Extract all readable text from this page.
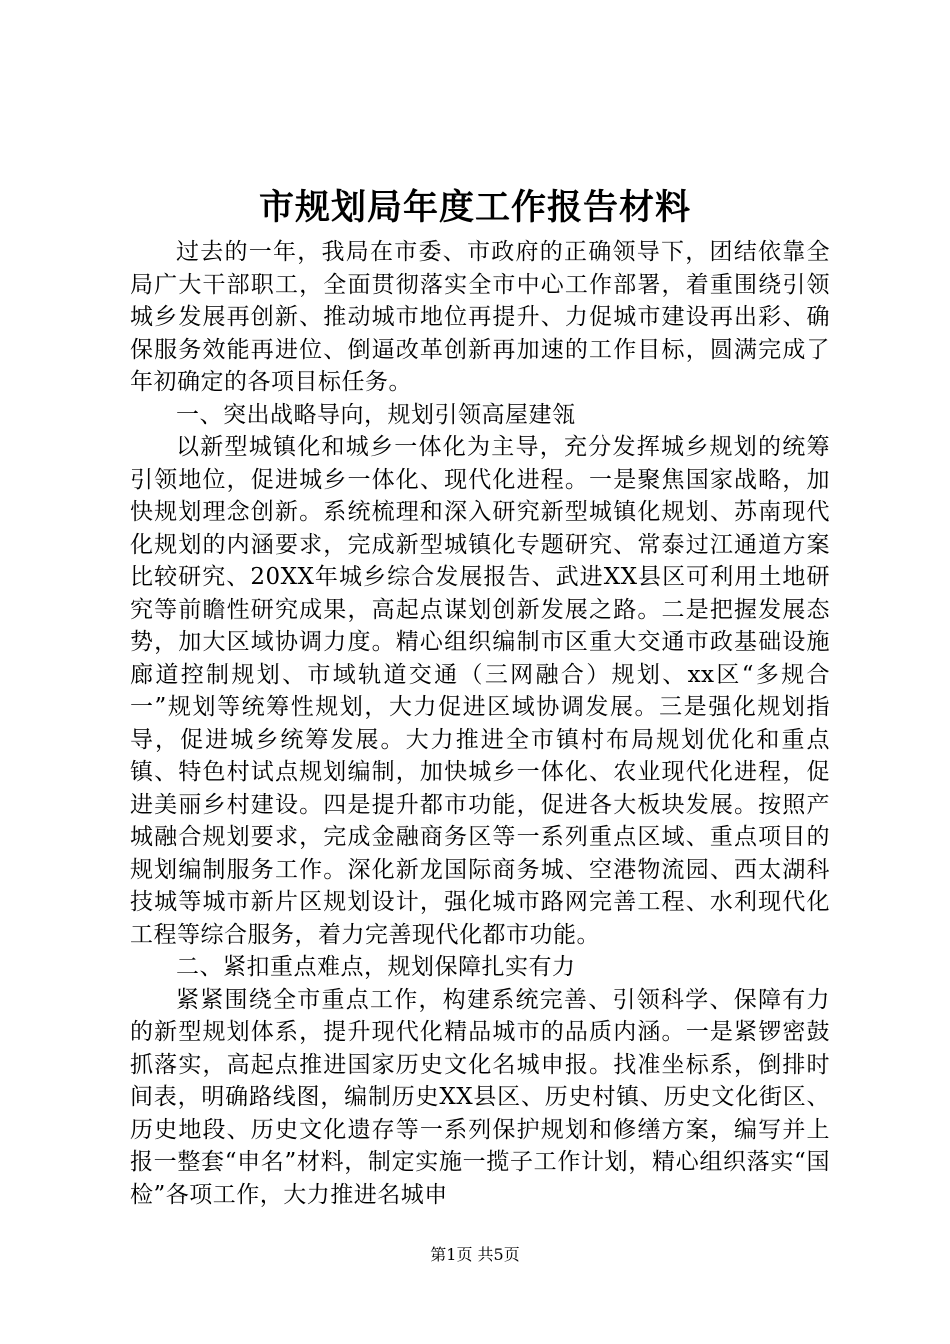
市规划局年度工作报告材料

过去的一年，我局在市委、市政府的正确领导下，团结依靠全局广大干部职工，全面贯彻落实全市中心工作部署，着重围绕引领城乡发展再创新、推动城市地位再提升、力促城市建设再出彩、确保服务效能再进位、倒逼改革创新再加速的工作目标，圆满完成了年初确定的各项目标任务。

一、突出战略导向，规划引领高屋建瓴

以新型城镇化和城乡一体化为主导，充分发挥城乡规划的统筹引领地位，促进城乡一体化、现代化进程。一是聚焦国家战略，加快规划理念创新。系统梳理和深入研究新型城镇化规划、苏南现代化规划的内涵要求，完成新型城镇化专题研究、常泰过江通道方案比较研究、20XX年城乡综合发展报告、武进XX县区可利用土地研究等前瞻性研究成果，高起点谋划创新发展之路。二是把握发展态势，加大区域协调力度。精心组织编制市区重大交通市政基础设施廊道控制规划、市域轨道交通（三网融合）规划、xx区“多规合一”规划等统筹性规划，大力促进区域协调发展。三是强化规划指导，促进城乡统筹发展。大力推进全市镇村布局规划优化和重点镇、特色村试点规划编制，加快城乡一体化、农业现代化进程，促进美丽乡村建设。四是提升都市功能，促进各大板块发展。按照产城融合规划要求，完成金融商务区等一系列重点区域、重点项目的规划编制服务工作。深化新龙国际商务城、空港物流园、西太湖科技城等城市新片区规划设计，强化城市路网完善工程、水利现代化工程等综合服务，着力完善现代化都市功能。

二、紧扣重点难点，规划保障扎实有力

紧紧围绕全市重点工作，构建系统完善、引领科学、保障有力的新型规划体系，提升现代化精品城市的品质内涵。一是紧锣密鼓抓落实，高起点推进国家历史文化名城申报。找准坐标系，倒排时间表，明确路线图，编制历史XX县区、历史村镇、历史文化街区、历史地段、历史文化遗存等一系列保护规划和修缮方案，编写并上报一整套“申名”材料，制定实施一揽子工作计划，精心组织落实“国检”各项工作，大力推进名城申

第1页 共5页
